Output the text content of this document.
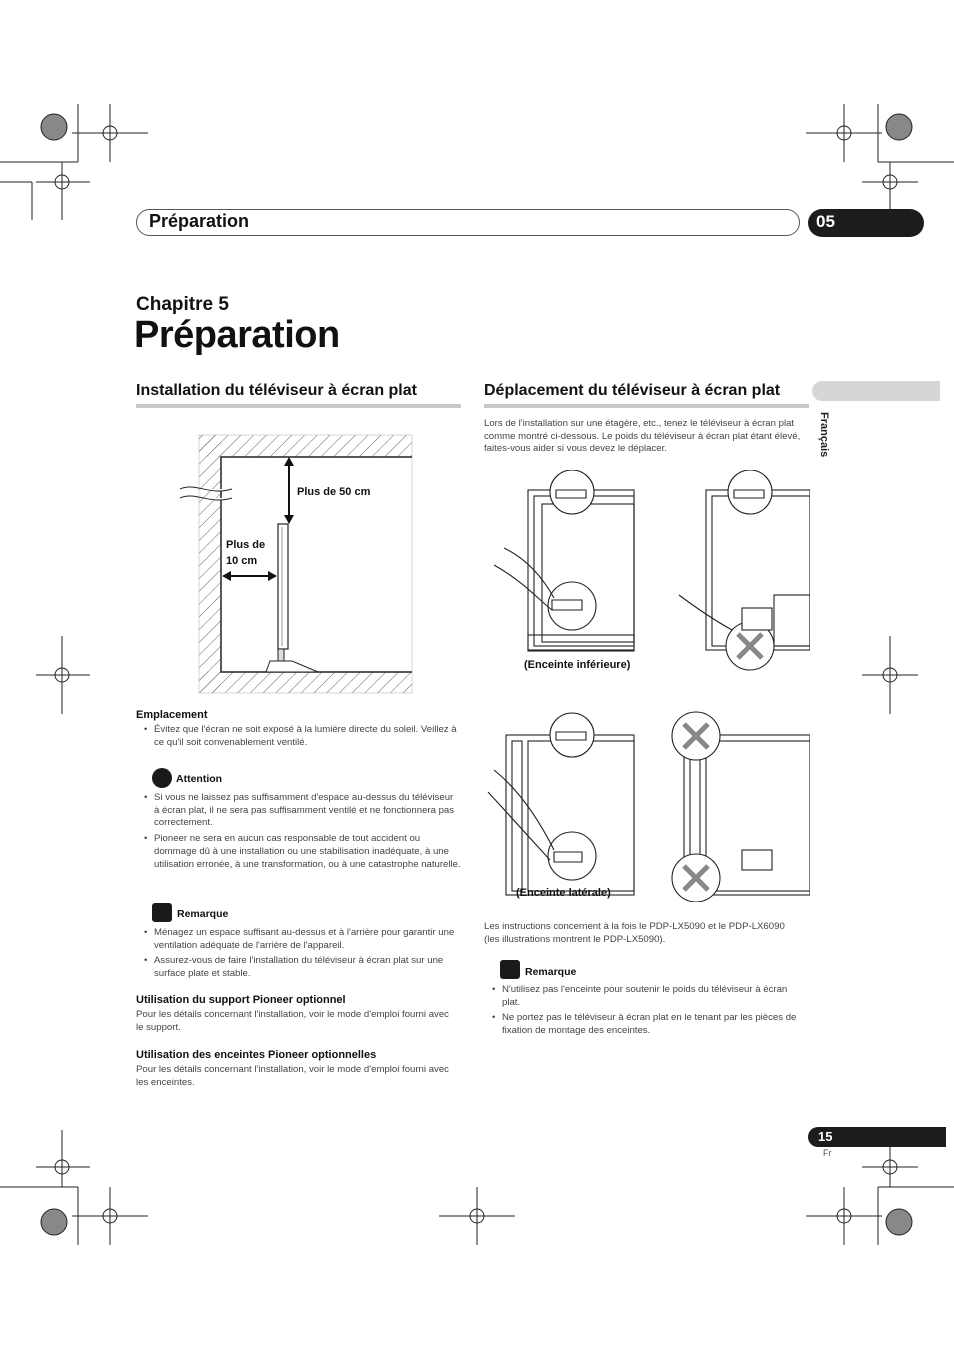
Préparation	05
Chapitre 5
Préparation
Français
Installation du téléviseur à écran plat
Plus de 50 cm
Plus de
10 cm
Emplacement
• Évitez que l'écran ne soit exposé à la lumière directe du soleil. Veillez à ce qu'il soit convenablement ventilé.
Attention
• Si vous ne laissez pas suffisamment d'espace au-dessus du téléviseur à écran plat, il ne sera pas suffisamment ventilé et ne fonctionnera pas correctement.
• Pioneer ne sera en aucun cas responsable de tout accident ou dommage dû à une installation ou une stabilisation inadéquate, à une utilisation erronée, à une transformation, ou à une catastrophe naturelle.
Remarque
• Ménagez un espace suffisant au-dessus et à l'arrière pour garantir une ventilation adéquate de l'arrière de l'appareil.
• Assurez-vous de faire l'installation du téléviseur à écran plat sur une surface plate et stable.
Utilisation du support Pioneer optionnel
Pour les détails concernant l'installation, voir le mode d'emploi fourni avec le support.
Utilisation des enceintes Pioneer optionnelles
Pour les détails concernant l'installation, voir le mode d'emploi fourni avec les enceintes.
Déplacement du téléviseur à écran plat
Lors de l'installation sur une étagère, etc., tenez le téléviseur à écran plat comme montré ci-dessous. Le poids du téléviseur à écran plat étant élevé, faites-vous aider si vous devez le déplacer.
(Enceinte inférieure)
(Enceinte latérale)
Les instructions concernent à la fois le PDP-LX5090 et le PDP-LX6090 (les illustrations montrent le PDP-LX5090).
Remarque
• N'utilisez pas l'enceinte pour soutenir le poids du téléviseur à écran plat.
• Ne portez pas le téléviseur à écran plat en le tenant par les pièces de fixation de montage des enceintes.
15
Fr
